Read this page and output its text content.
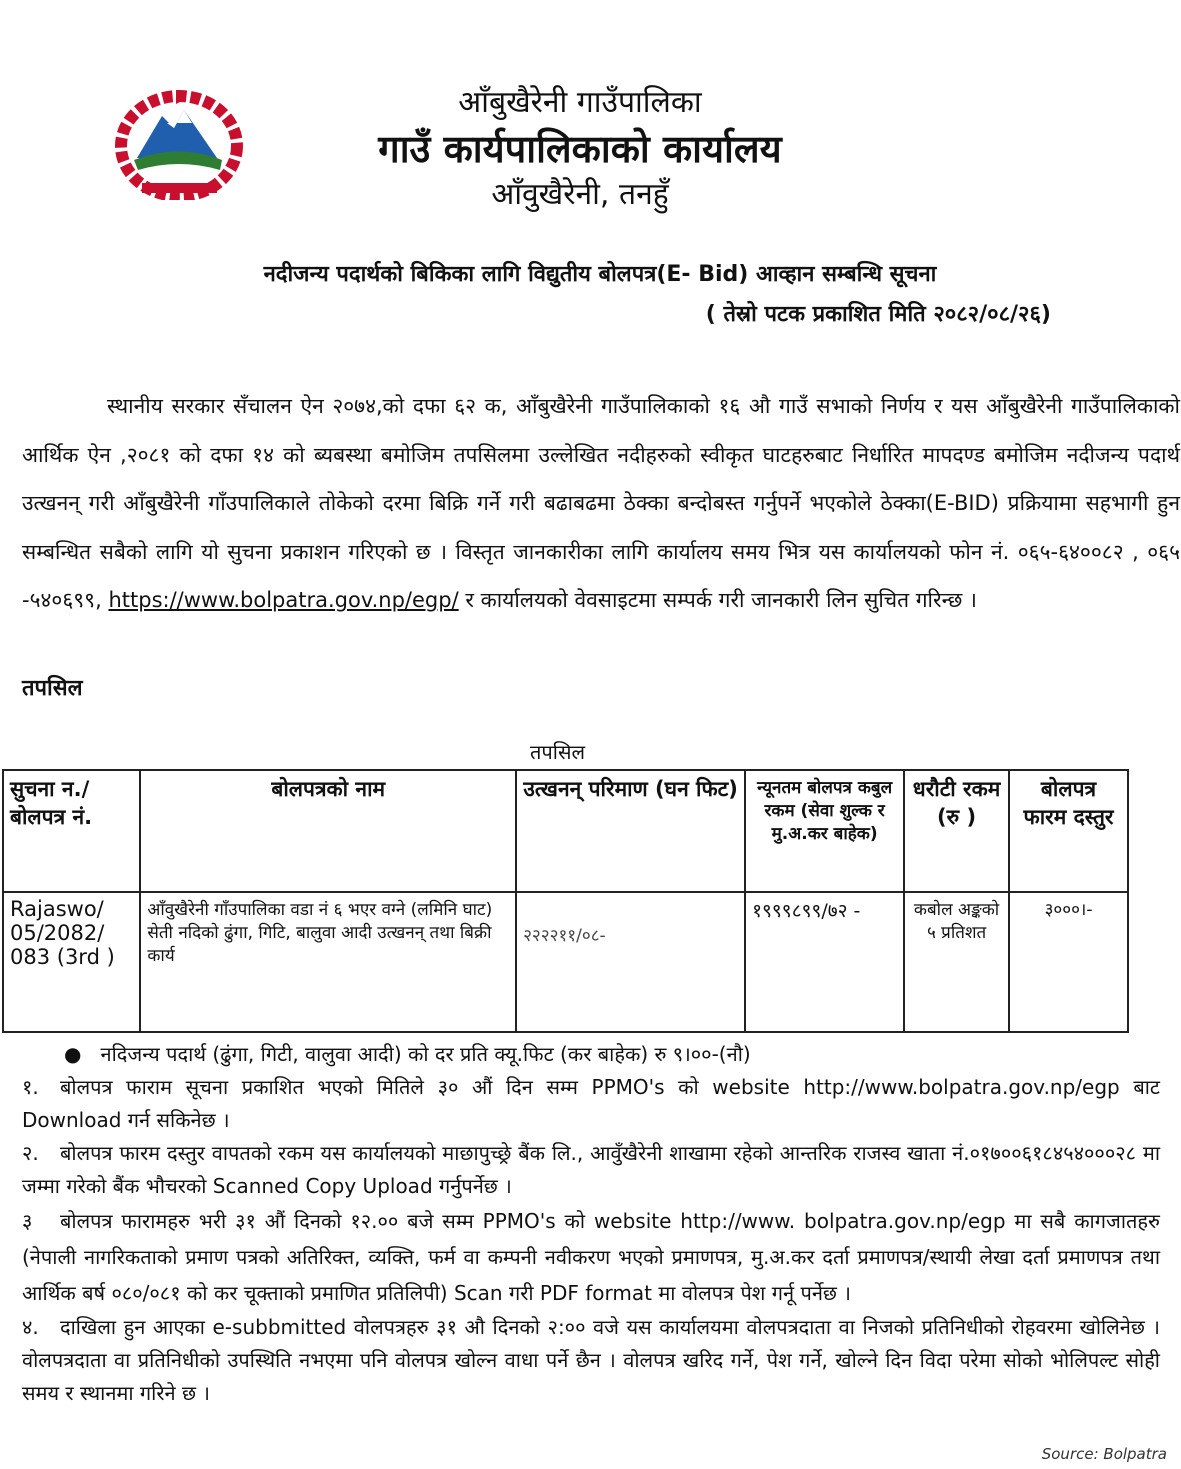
आँबुखैरेनी गाउँपालिका
गाउँ कार्यपालिकाको कार्यालय
आँवुखैरेनी, तनहुँ
नदीजन्य पदार्थको बिकिका लागि विद्युतीय बोलपत्र(E- Bid) आव्हान सम्बन्धि सूचना
( तेस्रो पटक प्रकाशित मिति २०८२/०८/२६)
स्थानीय सरकार सँचालन ऐन २०७४,को दफा ६२ क, आँबुखैरेनी गाउँपालिकाको १६ औ गाउँ सभाको निर्णय र यस आँबुखैरेनी गाउँपालिकाको आर्थिक ऐन ,२०८१ को दफा १४ को ब्यबस्था बमोजिम तपसिलमा उल्लेखित नदीहरुको स्वीकृत घाटहरुबाट निर्धारित मापदण्ड बमोजिम नदीजन्य पदार्थ उत्खनन् गरी आँबुखैरेनी गाँउपालिकाले तोकेको दरमा बिक्रि गर्ने गरी बढाबढमा ठेक्का बन्दोबस्त गर्नुपर्ने भएकोले ठेक्का(E-BID) प्रक्रियामा सहभागी हुन सम्बन्धित सबैको लागि यो सुचना प्रकाशन गरिएको छ । विस्तृत जानकारीका लागि कार्यालय समय भित्र यस कार्यालयको फोन नं. ०६५-६४००८२ , ०६५ -५४०६९९, https://www.bolpatra.gov.np/egp/ र कार्यालयको वेवसाइटमा सम्पर्क गरी जानकारी लिन सुचित गरिन्छ ।
तपसिल
तपसिल
सुचना न./बोलपत्र नं.	बोलपत्रको नाम	उत्खनन् परिमाण (घन फिट)	न्यूनतम बोलपत्र कबुल रकम (सेवा शुल्क र मु.अ.कर बाहेक)	धरौटी रकम (रु )	बोलपत्र फारम दस्तुर
Rajaswo/ 05/2082/ 083 (3rd )	आँवुखैरेनी गाँउपालिका वडा नं ६ भएर वग्ने (लमिनि घाट) सेती नदिको ढुंगा, गिटि, बालुवा आदी उत्खनन् तथा बिक्री कार्य	२२२२११/०८-	१९९९८९९/७२ -	कबोल अङ्कको ५ प्रतिशत	३०००।-
●   नदिजन्य पदार्थ (ढुंगा, गिटी, वालुवा आदी) को दर प्रति क्यू.फिट (कर बाहेक) रु ९।००-(नौ)
१. बोलपत्र फाराम सूचना प्रकाशित भएको मितिले ३० औं दिन सम्म PPMO's को website http://www.bolpatra.gov.np/egp बाट Download गर्न सकिनेछ ।
२. बोलपत्र फारम दस्तुर वापतको रकम यस कार्यालयको माछापुच्छ्रे बैंक लि., आवुँखैरेनी शाखामा रहेको आन्तरिक राजस्व खाता नं.०१७००६१८४५४०००२८ मा जम्मा गरेको बैंक भौचरको Scanned Copy Upload गर्नुपर्नेछ ।
३ बोलपत्र फारामहरु भरी ३१ औं दिनको १२.०० बजे सम्म PPMO's को website http://www. bolpatra.gov.np/egp मा सबै कागजातहरु (नेपाली नागरिकताको प्रमाण पत्रको अतिरिक्त, व्यक्ति, फर्म वा कम्पनी नवीकरण भएको प्रमाणपत्र, मु.अ.कर दर्ता प्रमाणपत्र/स्थायी लेखा दर्ता प्रमाणपत्र तथा आर्थिक बर्ष ०८०/०८१ को कर चूक्ताको प्रमाणित प्रतिलिपी) Scan गरी PDF format मा वोलपत्र पेश गर्नू पर्नेछ ।
४. दाखिला हुन आएका e-subbmitted वोलपत्रहरु ३१ औ दिनको २:०० वजे यस कार्यालयमा वोलपत्रदाता वा निजको प्रतिनिधीको रोहवरमा खोलिनेछ । वोलपत्रदाता वा प्रतिनिधीको उपस्थिति नभएमा पनि वोलपत्र खोल्न वाधा पर्ने छैन । वोलपत्र खरिद गर्ने, पेश गर्ने, खोल्ने दिन विदा परेमा सोको भोलिपल्ट सोही समय र स्थानमा गरिने छ ।
Source: Bolpatra
